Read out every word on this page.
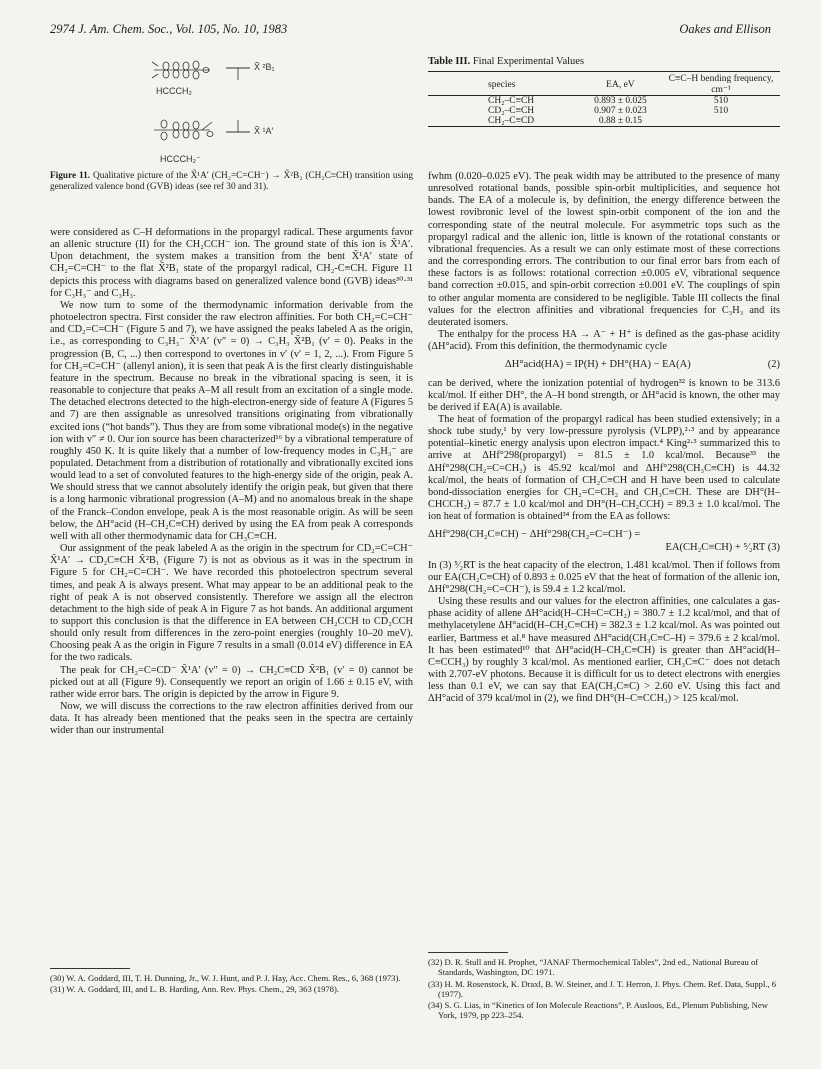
2974 J. Am. Chem. Soc., Vol. 105, No. 10, 1983	Oakes and Ellison
X̃ ²B₁
HCCCH₂
X̃ ¹A′
HCCCH₂⁻
Figure 11. Qualitative picture of the X̃¹A′ (CH₂=C=CH⁻) → X̃²B₂ (CH₂C≡CH) transition using generalized valence bond (GVB) ideas (see ref 30 and 31).

were considered as C–H deformations in the propargyl radical. These arguments favor an allenic structure (II) for the CH₂CCH⁻ ion. The ground state of this ion is X̃¹A′. Upon detachment, the system makes a transition from the bent X̃¹A′ state of CH₂=C=CH⁻ to the flat X̃²B₁ state of the propargyl radical, CH₂-C≡CH. Figure 11 depicts this process with diagrams based on generalized valence bond (GVB) ideas³⁰·³¹ for C₃H₃⁻ and C₃H₃.

We now turn to some of the thermodynamic information derivable from the photoelectron spectra. First consider the raw electron affinities. For both CH₂=C=CH⁻ and CD₂=C=CH⁻ (Figure 5 and 7), we have assigned the peaks labeled A as the origin, i.e., as corresponding to C₃H₃⁻ X̃¹A′ (v″ = 0) → C₃H₃ X̃²B₁ (v′ = 0). Peaks in the progression (B, C, ...) then correspond to overtones in v′ (v′ = 1, 2, ...). From Figure 5 for CH₂=C=CH⁻ (allenyl anion), it is seen that peak A is the first clearly distinguishable feature in the spectrum. Because no break in the vibrational spacing is seen, it is reasonable to conjecture that peaks A–M all result from an excitation of a single mode. The detached electrons detected to the high-electron-energy side of feature A (Figures 5 and 7) are then assignable as unresolved transitions originating from vibrationally excited ions (“hot bands”). Thus they are from some vibrational mode(s) in the negative ion with v″ ≠ 0. Our ion source has been characterized¹⁶ by a vibrational temperature of roughly 450 K. It is quite likely that a number of low-frequency modes in C₃H₃⁻ are populated. Detachment from a distribution of rotationally and vibrationally excited ions would lead to a set of convoluted features to the high-energy side of the origin, peak A. We should stress that we cannot absolutely identify the origin peak, but given that there is a long harmonic vibrational progression (A–M) and no anomalous break in the shape of the Franck–Condon envelope, peak A is the most reasonable origin. As will be seen below, the ΔH°acid (H–CH₂C≡CH) derived by using the EA from peak A corresponds well with all other thermodynamic data for CH₃C≡CH.

Our assignment of the peak labeled A as the origin in the spectrum for CD₂=C=CH⁻ X̃¹A′ → CD₂C≡CH X̃²B₁ (Figure 7) is not as obvious as it was in the spectrum in Figure 5 for CH₂=C=CH⁻. We have recorded this photoelectron spectrum several times, and peak A is always present. What may appear to be an additional peak to the right of peak A is not observed consistently. Therefore we assign all the electron detachment to the high side of peak A in Figure 7 as hot bands. An additional argument to support this conclusion is that the difference in EA between CH₂CCH to CD₂CCH should only result from differences in the zero-point energies (roughly 10–20 meV). Choosing peak A as the origin in Figure 7 results in a small (0.014 eV) difference in EA for the two radicals.

The peak for CH₂=C=CD⁻ X̃¹A′ (v″ = 0) → CH₂C≡CD X̃²B₁ (v′ = 0) cannot be picked out at all (Figure 9). Consequently we report an origin of 1.66 ± 0.15 eV, with rather wide error bars. The origin is depicted by the arrow in Figure 9.

Now, we will discuss the corrections to the raw electron affinities derived from our data. It has already been mentioned that the peaks seen in the spectra are certainly wider than our instrumental

(30) W. A. Goddard, III, T. H. Dunning, Jr., W. J. Hunt, and P. J. Hay, Acc. Chem. Res., 6, 368 (1973).

(31) W. A. Goddard, III, and L. B. Harding, Ann. Rev. Phys. Chem., 29, 363 (1978).

Table III. Final Experimental Values

species	EA, eV	C≡C–H bending frequency, cm⁻¹
CH₂–C≡CH	0.893 ± 0.025	510
CD₂–C≡CH	0.907 ± 0.023	510
CH₂–C≡CD	0.88 ± 0.15	

fwhm (0.020–0.025 eV). The peak width may be attributed to the presence of many unresolved rotational bands, possible spin-orbit multiplicities, and sequence hot bands. The EA of a molecule is, by definition, the energy difference between the lowest rovibronic level of the lowest spin-orbit component of the ion and the corresponding state of the neutral molecule. For asymmetric tops such as the propargyl radical and the allenic ion, little is known of the rotational constants or vibrational frequencies. As a result we can only estimate most of these corrections and the corresponding errors. The contribution to our final error bars from each of these factors is as follows: rotational correction ±0.005 eV, vibrational sequence band correction ±0.015, and spin-orbit correction ±0.001 eV. The couplings of spin to other angular momenta are considered to be negligible. Table III collects the final values for the electron affinities and vibrational frequencies for C₃H₃ and its deuterated isomers.

The enthalpy for the process HA → A⁻ + H⁺ is defined as the gas-phase acidity (ΔH°acid). From this definition, the thermodynamic cycle

ΔH°acid(HA) = IP(H) + DH°(HA) − EA(A)	(2)

can be derived, where the ionization potential of hydrogen³² is known to be 313.6 kcal/mol. If either DH°, the A–H bond strength, or ΔH°acid is known, the other may be derived if EA(A) is available.

The heat of formation of the propargyl radical has been studied extensively; in a shock tube study,¹ by very low-pressure pyrolysis (VLPP),²·³ and by appearance potential–kinetic energy analysis upon electron impact.⁴ King²·³ summarized this to arrive at ΔHf°298(propargyl) = 81.5 ± 1.0 kcal/mol. Because³³ the ΔHf°298(CH₂=C=CH₂) is 45.92 kcal/mol and ΔHf°298(CH₃C≡CH) is 44.32 kcal/mol, the heats of formation of CH₂C≡CH and H have been used to calculate bond-dissociation energies for CH₂=C=CH₂ and CH₃C≡CH. These are DH°(H–CHCCH₂) = 87.7 ± 1.0 kcal/mol and DH°(H–CH₂CCH) = 89.3 ± 1.0 kcal/mol. The ion heat of formation is obtained³⁴ from the EA as follows:

ΔHf°298(CH₂C≡CH) − ΔHf°298(CH₂=C=CH⁻) =
EA(CH₂C≡CH) + ⁵⁄₂RT (3)

In (3) ⁵⁄₂RT is the heat capacity of the electron, 1.481 kcal/mol. Then if follows from our EA(CH₂C≡CH) of 0.893 ± 0.025 eV that the heat of formation of the allenic ion, ΔHf°298(CH₂=C=CH⁻), is 59.4 ± 1.2 kcal/mol.

Using these results and our values for the electron affinities, one calculates a gas-phase acidity of allene ΔH°acid(H–CH=C=CH₂) = 380.7 ± 1.2 kcal/mol, and that of methylacetylene ΔH°acid(H–CH₂C≡CH) = 382.3 ± 1.2 kcal/mol. As was pointed out earlier, Bartmess et al.⁸ have measured ΔH°acid(CH₃C≡C–H) = 379.6 ± 2 kcal/mol. It has been estimated¹⁰ that ΔH°acid(H–CH₂C≡CH) is greater than ΔH°acid(H–C≡CCH₃) by roughly 3 kcal/mol. As mentioned earlier, CH₃C≡C⁻ does not detach with 2.707-eV photons. Because it is difficult for us to detect electrons with energies less than 0.1 eV, we can say that EA(CH₃C≡C) > 2.60 eV. Using this fact and ΔH°acid of 379 kcal/mol in (2), we find DH°(H–C≡CCH₃) > 125 kcal/mol.

(32) D. R. Stull and H. Prophet, “JANAF Thermochemical Tables”, 2nd ed., National Bureau of Standards, Washington, DC 1971.

(33) H. M. Rosenstock, K. Draxl, B. W. Steiner, and J. T. Herron, J. Phys. Chem. Ref. Data, Suppl., 6 (1977).

(34) S. G. Lias, in “Kinetics of Ion Molecule Reactions”, P. Ausloos, Ed., Plenum Publishing, New York, 1979, pp 223–254.
